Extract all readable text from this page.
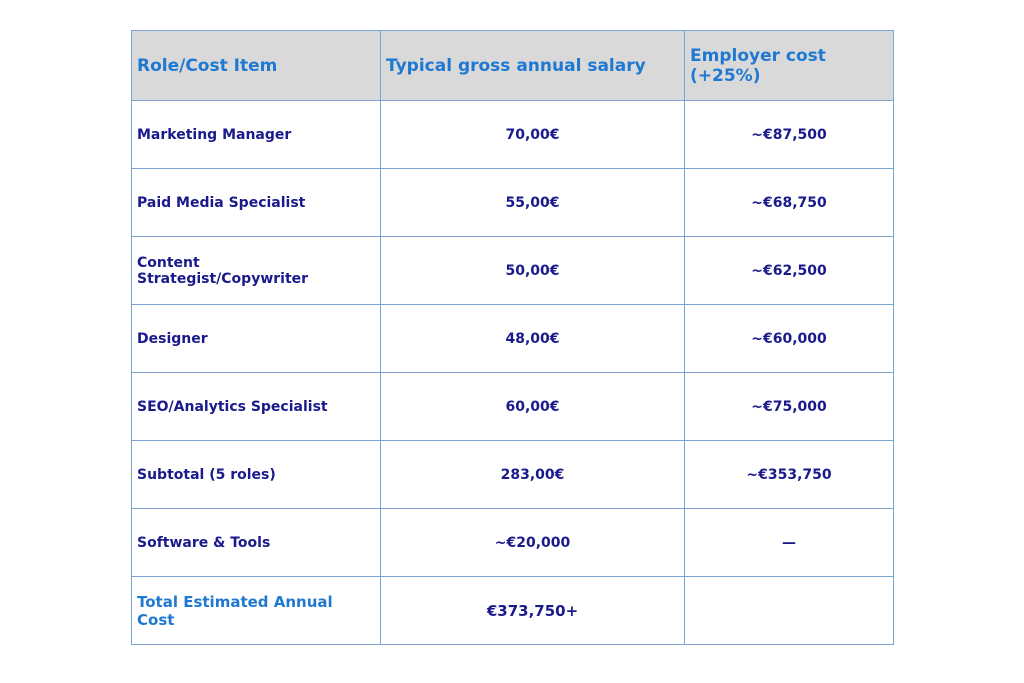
Role/Cost Item	Typical gross annual salary	Employer cost (+25%)
Marketing Manager	70,00€	~€87,500
Paid Media Specialist	55,00€	~€68,750
Content Strategist/Copywriter	50,00€	~€62,500
Designer	48,00€	~€60,000
SEO/Analytics Specialist	60,00€	~€75,000
Subtotal (5 roles)	283,00€	~€353,750
Software & Tools	~€20,000	—
Total Estimated Annual Cost	€373,750+	
